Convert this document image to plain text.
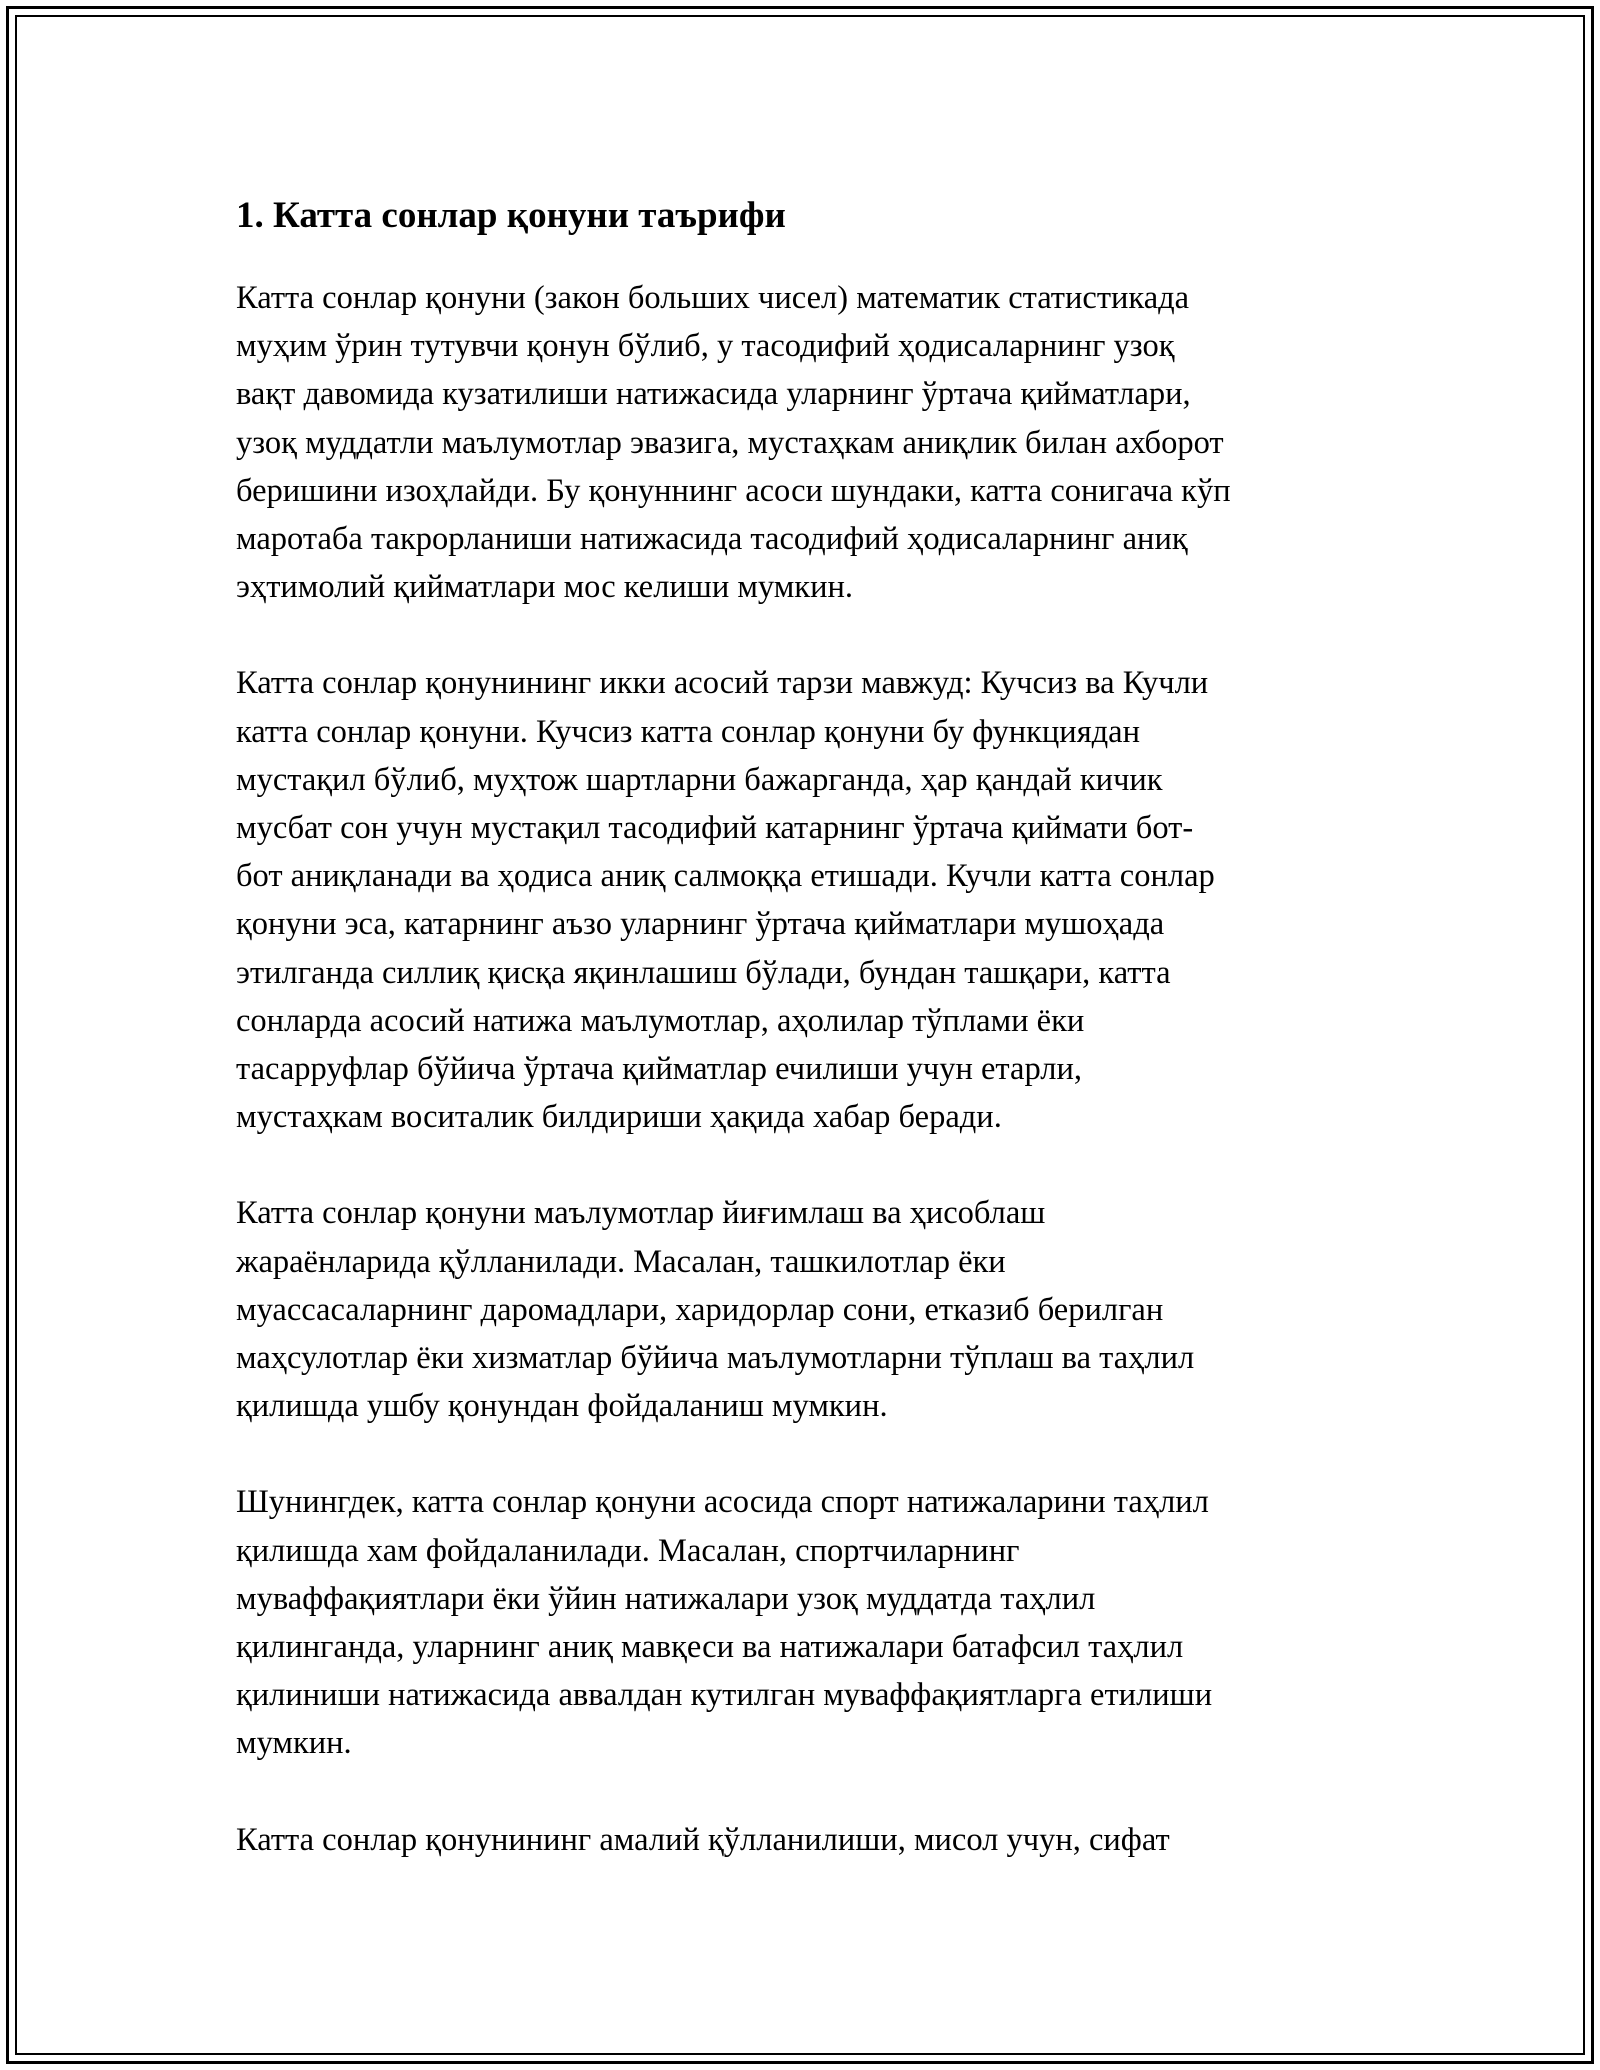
1. Катта сонлар қонуни таърифи
Катта сонлар қонуни (закон больших чисел) математик статистикада
муҳим ўрин тутувчи қонун бўлиб, у тасодифий ҳодисаларнинг узоқ
вақт давомида кузатилиши натижасида уларнинг ўртача қийматлари,
узоқ муддатли маълумотлар эвазига, мустаҳкам аниқлик билан ахборот
беришини изоҳлайди. Бу қонуннинг асоси шундаки, катта сонигача кўп
маротаба такрорланиши натижасида тасодифий ҳодисаларнинг аниқ
эҳтимолий қийматлари мос келиши мумкин.
Катта сонлар қонунининг икки асосий тарзи мавжуд: Кучсиз ва Кучли
катта сонлар қонуни. Кучсиз катта сонлар қонуни бу функциядан
мустақил бўлиб, муҳтож шартларни бажарганда, ҳар қандай кичик
мусбат сон учун мустақил тасодифий катарнинг ўртача қиймати бот-
бот аниқланади ва ҳодиса аниқ салмоққа етишади. Кучли катта сонлар
қонуни эса, катарнинг аъзо уларнинг ўртача қийматлари мушоҳада
этилганда силлиқ қисқа яқинлашиш бўлади, бундан ташқари, катта
сонларда асосий натижа маълумотлар, аҳолилар тўплами ёки
тасарруфлар бўйича ўртача қийматлар ечилиши учун етарли,
мустаҳкам воситалик билдириши ҳақида хабар беради.
Катта сонлар қонуни маълумотлар йиғимлаш ва ҳисоблаш
жараёнларида қўлланилади. Масалан, ташкилотлар ёки
муассасаларнинг даромадлари, харидорлар сони, етказиб берилган
маҳсулотлар ёки хизматлар бўйича маълумотларни тўплаш ва таҳлил
қилишда ушбу қонундан фойдаланиш мумкин.
Шунингдек, катта сонлар қонуни асосида спорт натижаларини таҳлил
қилишда хам фойдаланилади. Масалан, спортчиларнинг
муваффақиятлари ёки ўйин натижалари узоқ муддатда таҳлил
қилинганда, уларнинг аниқ мавқеси ва натижалари батафсил таҳлил
қилиниши натижасида аввалдан кутилган муваффақиятларга етилиши
мумкин.
Катта сонлар қонунининг амалий қўлланилиши, мисол учун, сифат
